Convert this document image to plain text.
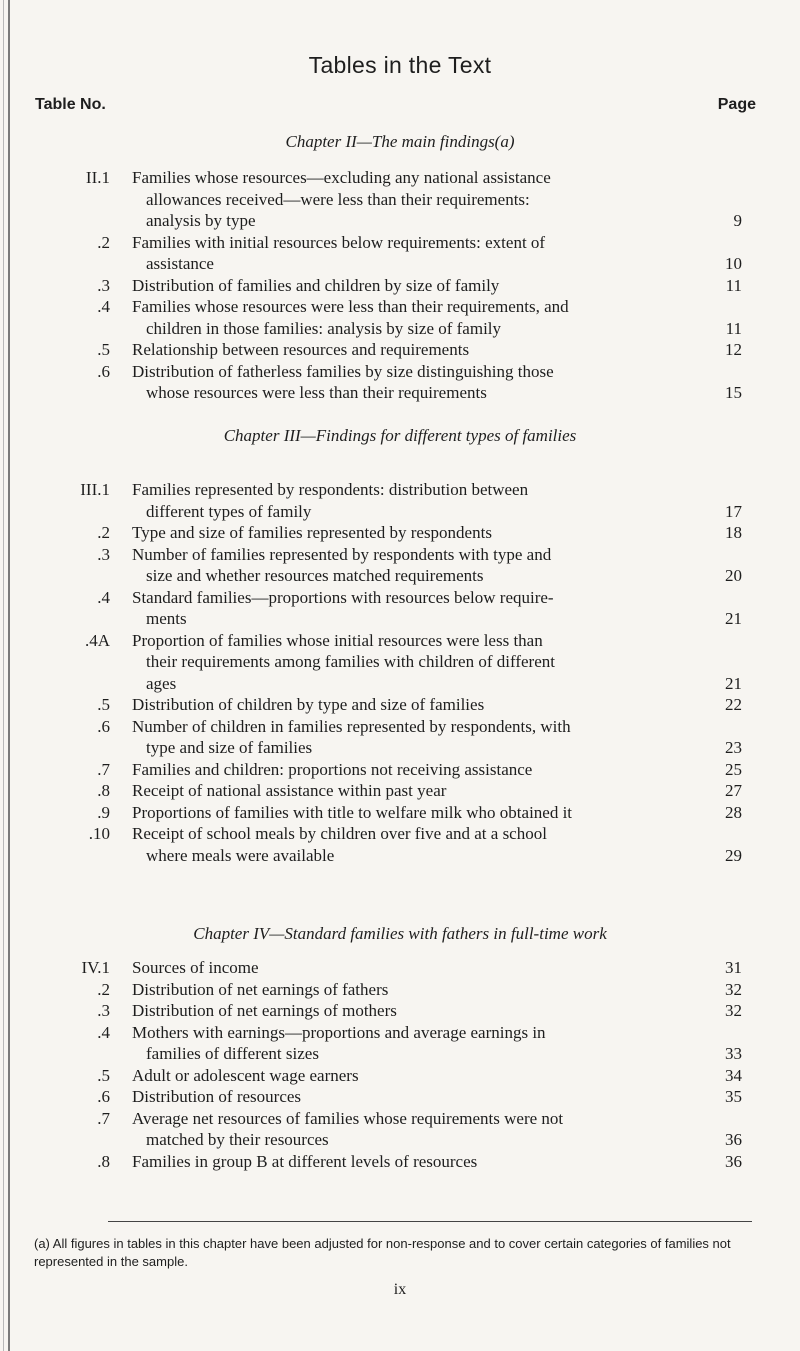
Tables in the Text
Table No.	Page
Chapter II—The main findings(a)
II.1 Families whose resources—excluding any national assistance
allowances received—were less than their requirements:
analysis by type	9
.2 Families with initial resources below requirements: extent of
assistance	10
.3 Distribution of families and children by size of family	11
.4 Families whose resources were less than their requirements, and
children in those families: analysis by size of family	11
.5 Relationship between resources and requirements	12
.6 Distribution of fatherless families by size distinguishing those
whose resources were less than their requirements	15
Chapter III—Findings for different types of families
III.1 Families represented by respondents: distribution between
different types of family	17
.2 Type and size of families represented by respondents	18
.3 Number of families represented by respondents with type and
size and whether resources matched requirements	20
.4 Standard families—proportions with resources below require-
ments	21
.4A Proportion of families whose initial resources were less than
their requirements among families with children of different
ages	21
.5 Distribution of children by type and size of families	22
.6 Number of children in families represented by respondents, with
type and size of families	23
.7 Families and children: proportions not receiving assistance	25
.8 Receipt of national assistance within past year	27
.9 Proportions of families with title to welfare milk who obtained it	28
.10 Receipt of school meals by children over five and at a school
where meals were available	29
Chapter IV—Standard families with fathers in full-time work
IV.1 Sources of income	31
.2 Distribution of net earnings of fathers	32
.3 Distribution of net earnings of mothers	32
.4 Mothers with earnings—proportions and average earnings in
families of different sizes	33
.5 Adult or adolescent wage earners	34
.6 Distribution of resources	35
.7 Average net resources of families whose requirements were not
matched by their resources	36
.8 Families in group B at different levels of resources	36
(a) All figures in tables in this chapter have been adjusted for non-response and to cover certain categories of families not represented in the sample.
ix
